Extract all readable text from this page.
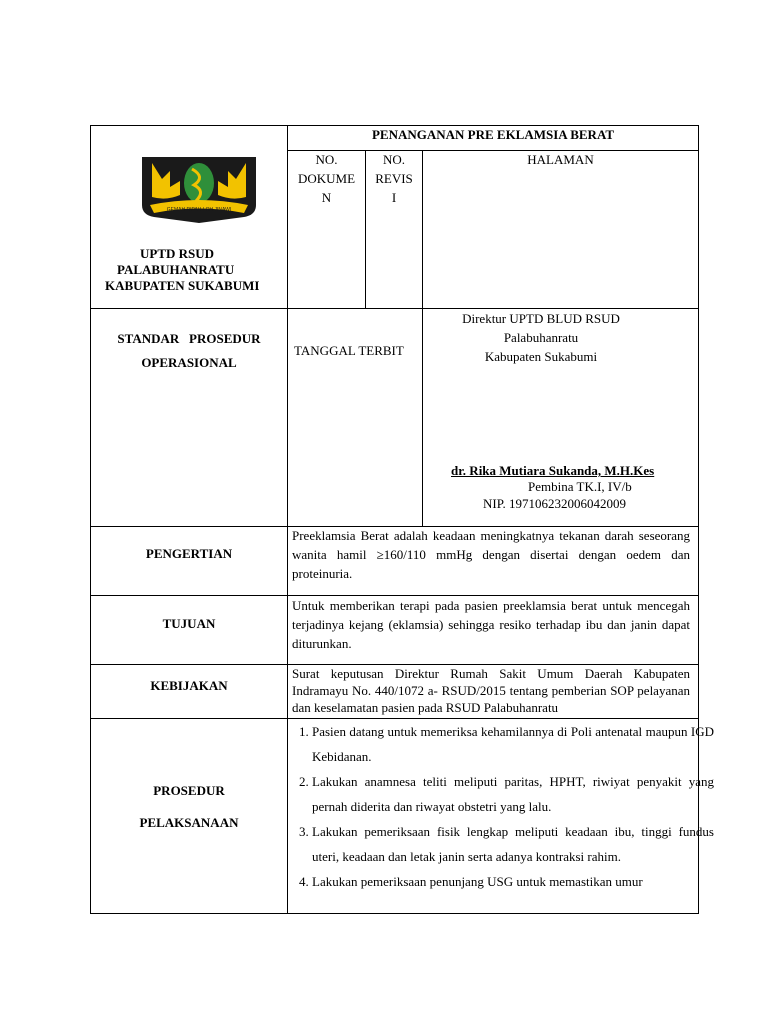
GEMAH RIPAH LOH JINAWI
UPTD RSUD
PALABUHANRATU
KABUPATEN SUKABUMI
PENANGANAN PRE EKLAMSIA BERAT
NO.
DOKUME
N
NO.
REVIS
I
HALAMAN
STANDAR   PROSEDUR
OPERASIONAL
TANGGAL TERBIT
Direktur UPTD BLUD RSUD
Palabuhanratu
Kabupaten Sukabumi
dr. Rika Mutiara Sukanda, M.H.Kes
Pembina TK.I, IV/b
NIP. 197106232006042009
PENGERTIAN
Preeklamsia Berat adalah keadaan meningkatnya tekanan darah seseorang wanita hamil ≥160/110 mmHg dengan disertai dengan oedem dan proteinuria.
TUJUAN
Untuk memberikan terapi pada pasien preeklamsia berat untuk mencegah terjadinya kejang (eklamsia) sehingga resiko terhadap ibu dan janin dapat diturunkan.
KEBIJAKAN
Surat keputusan Direktur Rumah Sakit Umum Daerah Kabupaten Indramayu No. 440/1072 a- RSUD/2015 tentang pemberian SOP pelayanan dan keselamatan pasien pada RSUD Palabuhanratu
PROSEDUR
PELAKSANAAN
1. Pasien datang untuk memeriksa kehamilannya di Poli antenatal maupun IGD Kebidanan.
2. Lakukan anamnesa teliti meliputi paritas, HPHT, riwiyat penyakit yang pernah diderita dan riwayat obstetri yang lalu.
3. Lakukan pemeriksaan fisik lengkap meliputi keadaan ibu, tinggi fundus uteri, keadaan dan letak janin serta adanya kontraksi rahim.
4. Lakukan pemeriksaan penunjang USG untuk memastikan umur
